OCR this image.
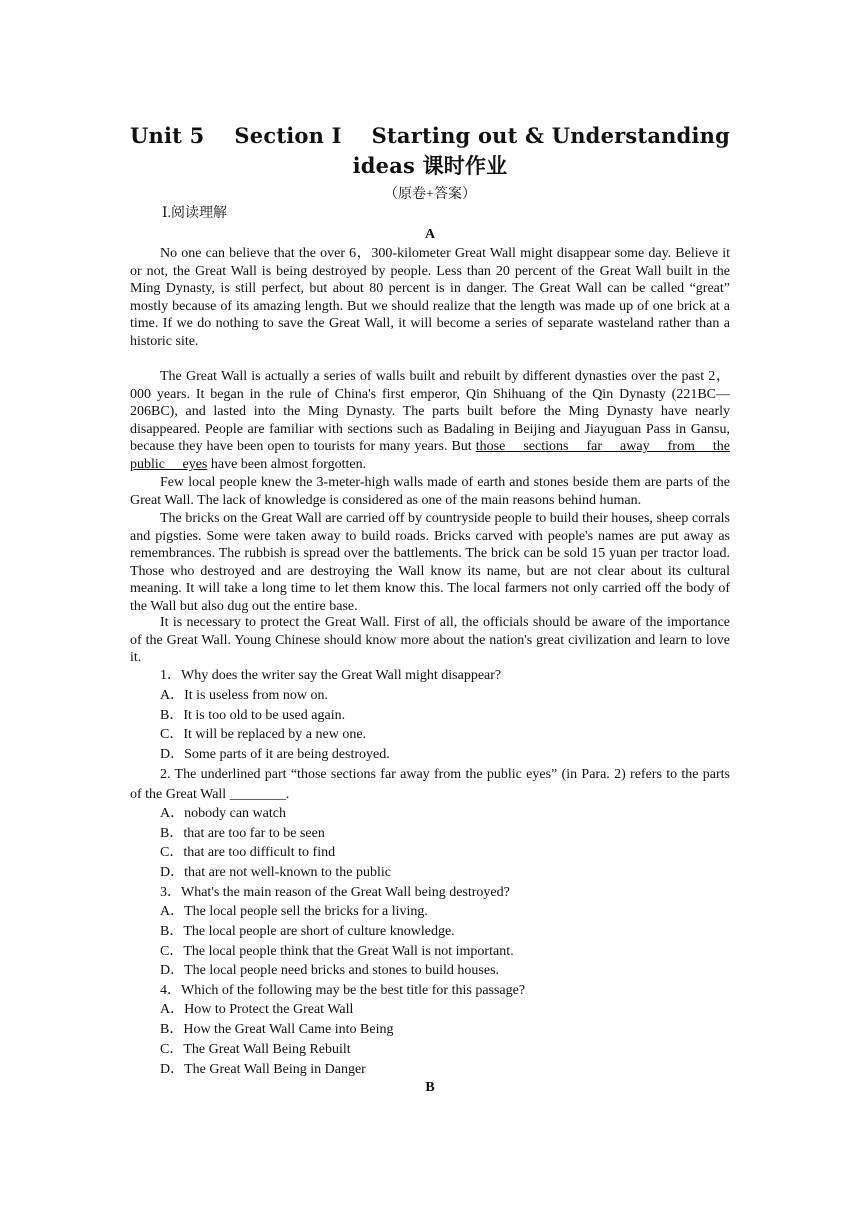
Unit 5    Section Ⅰ    Starting out & Understanding
ideas 课时作业
（原卷+答案）
Ⅰ.阅读理解
A

No one can believe that the over 6，300-kilometer Great Wall might disappear some day. Believe it or not, the Great Wall is being destroyed by people. Less than 20 percent of the Great Wall built in the Ming Dynasty, is still perfect, but about 80 percent is in danger. The Great Wall can be called “great” mostly because of its amazing length. But we should realize that the length was made up of one brick at a time. If we do nothing to save the Great Wall, it will become a series of separate wasteland rather than a historic site.

The Great Wall is actually a series of walls built and rebuilt by different dynasties over the past 2，000 years. It began in the rule of China's first emperor, Qin Shihuang of the Qin Dynasty (221BC—206BC), and lasted into the Ming Dynasty. The parts built before the Ming Dynasty have nearly disappeared. People are familiar with sections such as Badaling in Beijing and Jiayuguan Pass in Gansu, because they have been open to tourists for many years. But those sections far away from the public eyes have been almost forgotten.

Few local people knew the 3-meter-high walls made of earth and stones beside them are parts of the Great Wall. The lack of knowledge is considered as one of the main reasons behind human.

The bricks on the Great Wall are carried off by countryside people to build their houses, sheep corrals and pigsties. Some were taken away to build roads. Bricks carved with people's names are put away as remembrances. The rubbish is spread over the battlements. The brick can be sold 15 yuan per tractor load. Those who destroyed and are destroying the Wall know its name, but are not clear about its cultural meaning. It will take a long time to let them know this. The local farmers not only carried off the body of the Wall but also dug out the entire base.

It is necessary to protect the Great Wall. First of all, the officials should be aware of the importance of the Great Wall. Young Chinese should know more about the nation's great civilization and learn to love it.

1．Why does the writer say the Great Wall might disappear?
A．It is useless from now on.
B．It is too old to be used again.
C．It will be replaced by a new one.
D．Some parts of it are being destroyed.
2. The underlined part “those sections far away from the public eyes” (in Para. 2) refers to the parts of the Great Wall ________.
A．nobody can watch
B．that are too far to be seen
C．that are too difficult to find
D．that are not well-known to the public
3．What's the main reason of the Great Wall being destroyed?
A．The local people sell the bricks for a living.
B．The local people are short of culture knowledge.
C．The local people think that the Great Wall is not important.
D．The local people need bricks and stones to build houses.
4．Which of the following may be the best title for this passage?
A．How to Protect the Great Wall
B．How the Great Wall Came into Being
C．The Great Wall Being Rebuilt
D．The Great Wall Being in Danger
B
